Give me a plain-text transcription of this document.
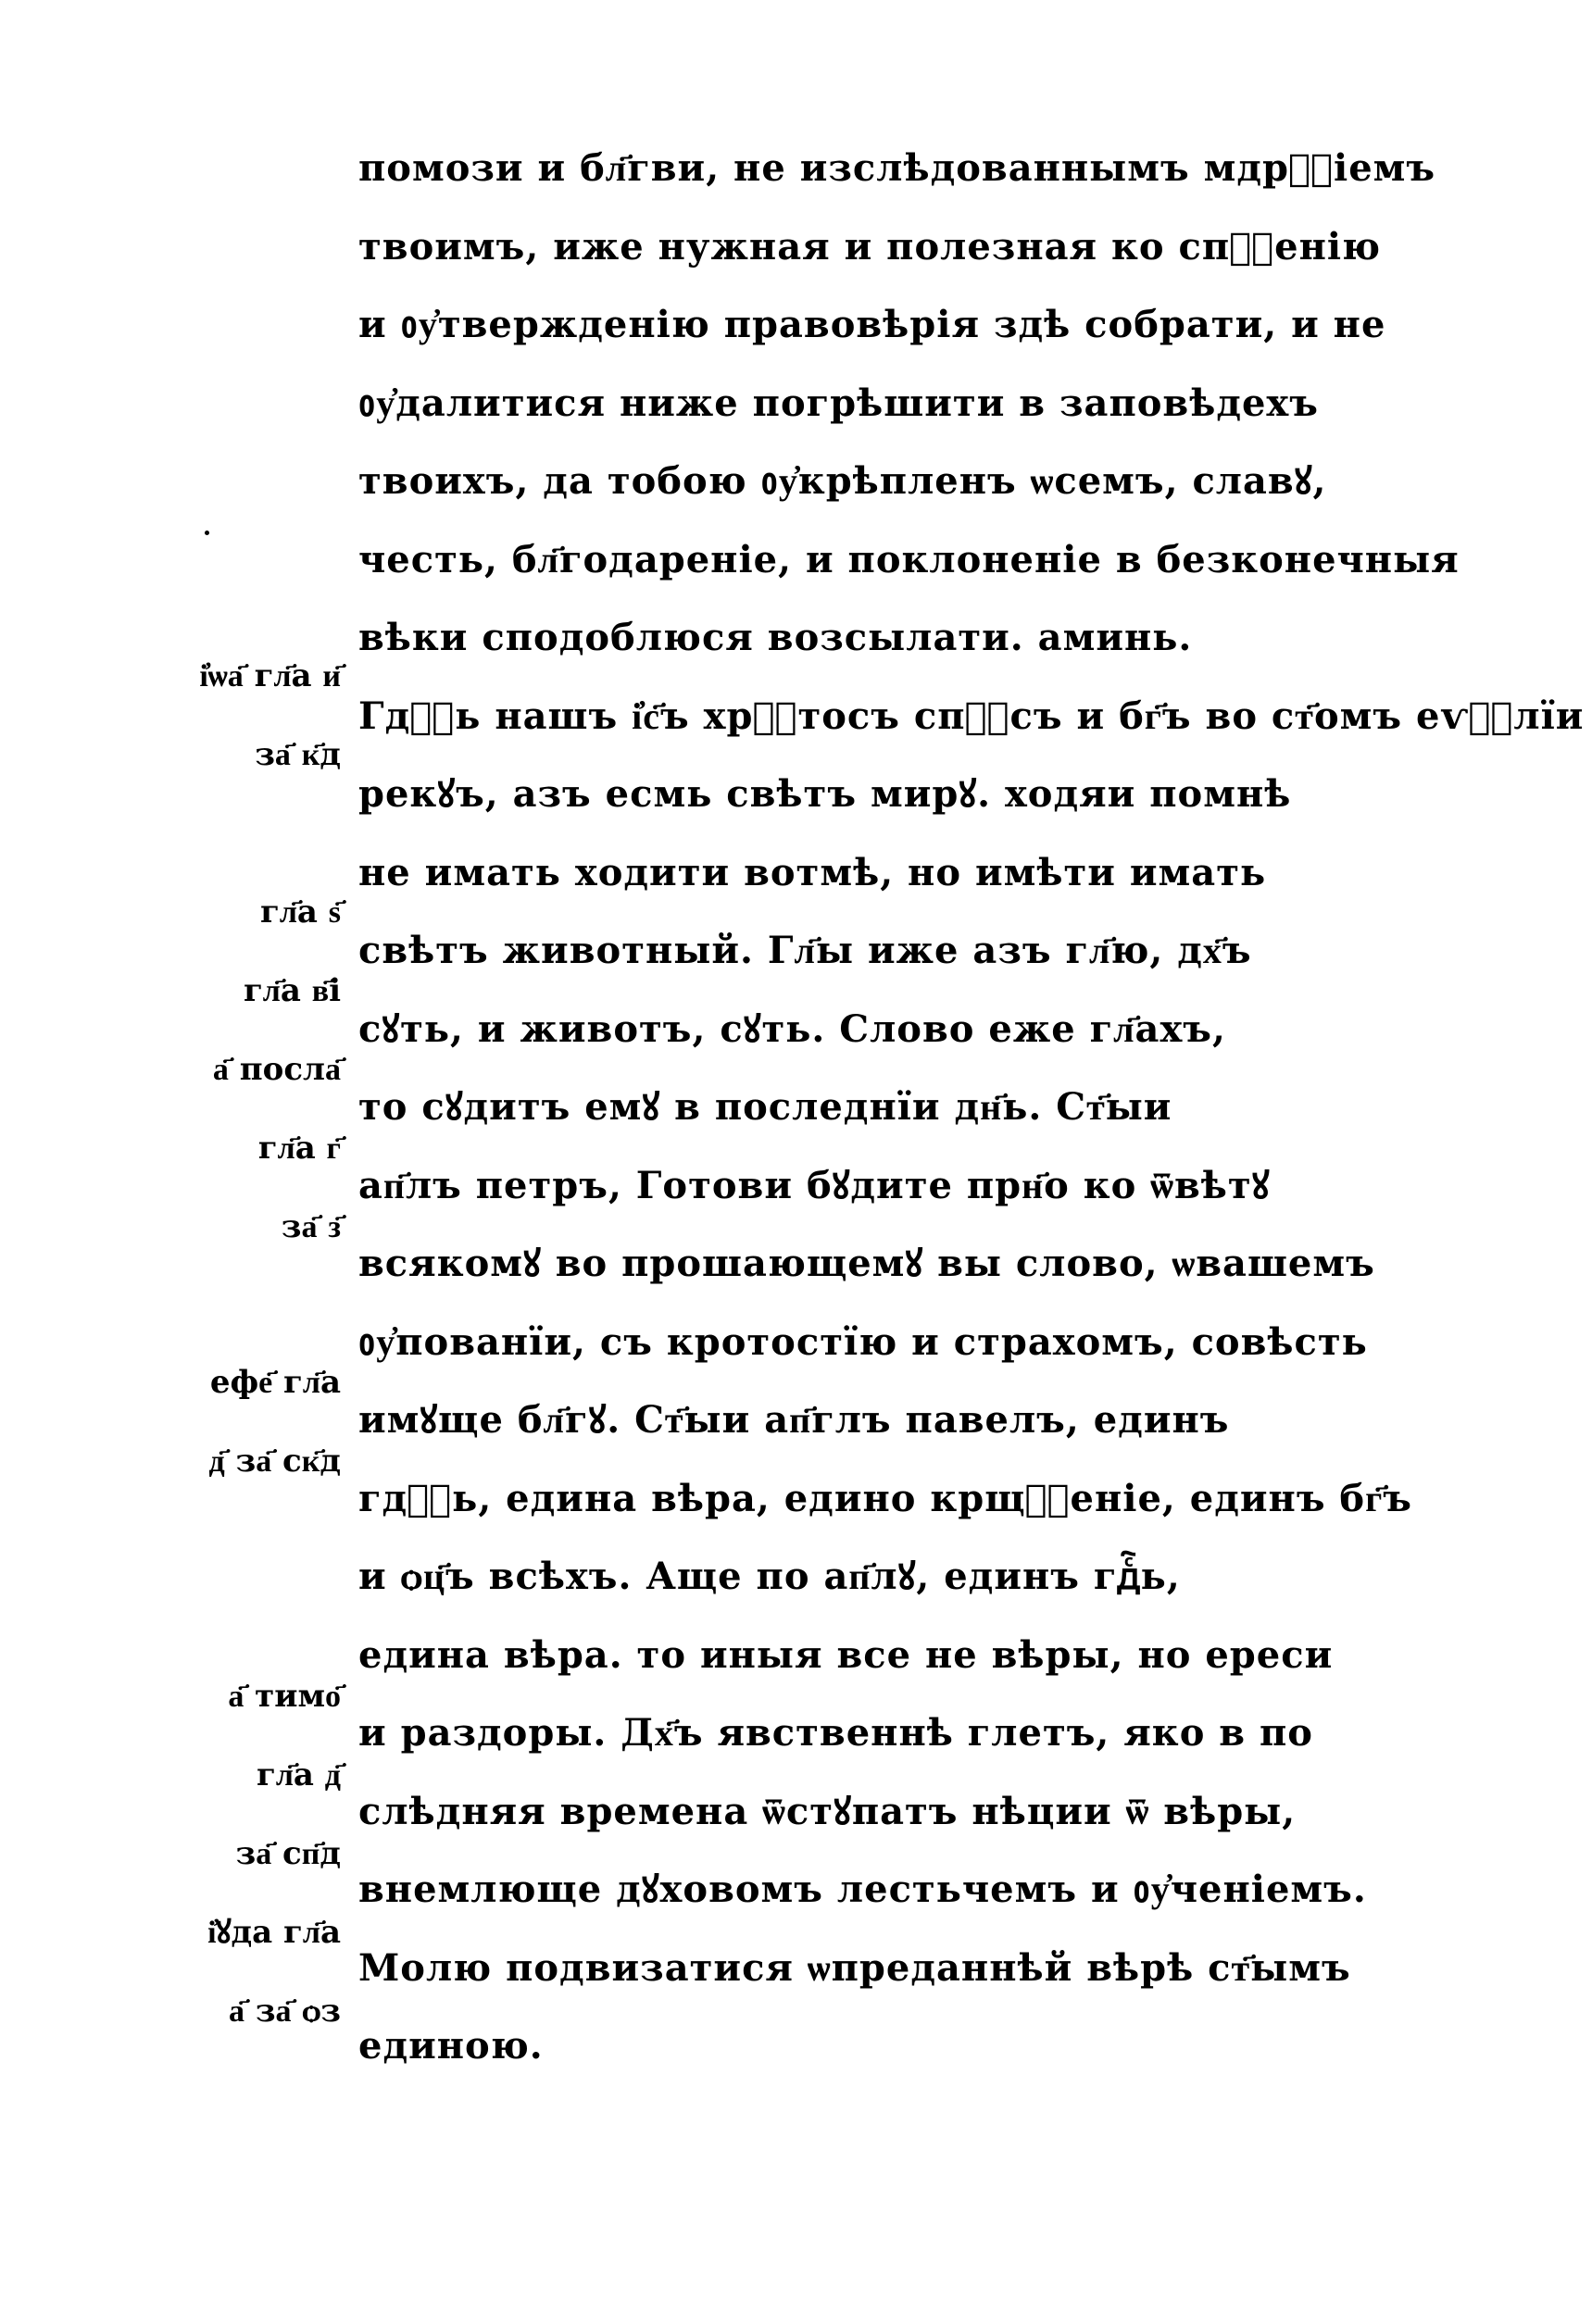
помози и бл҃гви, не изслѣдованнымъ мдрⷭ҇іемъ
твоимъ, иже нужная и полезная ко спⷭ҇енію
и ᲂу҆твержденію правовѣрія здѣ собрати, и не
ᲂу҆далитися ниже погрѣшити в заповѣдехъ
твоихъ, да тобою ᲂу҆крѣпленъ ѡсемъ, славꙋ,
честь, бл҃годареніе, и поклоненіе в безконечныя
вѣки сподоблюся возсылати. аминь.
Гдⷭ҇ь нашъ і҆с҃ъ хрⷭ҇тосъ спⷭ҇съ и бг҃ъ во ст҃омъ еѵⷢ҇лїи
рекꙋъ, азъ есмь свѣтъ мирꙋ. ходяи помнѣ
не имать ходити вотмѣ, но имѣти имать
свѣтъ животный. Гл҃ы иже азъ гл҃ю, дх҃ъ
сꙋть, и животъ, сꙋть. Слово еже гл҃ахъ,
то сꙋдитъ емꙋ в последнїи дн҃ь. Ст҃ыи
ап҃лъ петръ, Готови бꙋдите прн҃о ко ѿвѣтꙋ
всякомꙋ во прошающемꙋ вы слово, ѡвашемъ
ᲂу҆пованїи, съ кротостїю и страхомъ, совѣсть
имꙋще бл҃гꙋ. Ст҃ыи ап҃глъ павелъ, единъ
гдⷭ҇ь, едина вѣра, едино крщⷭ҇еніе, единъ бг҃ъ
и ѻц҃ъ всѣхъ. Аще по ап҃лꙋ, единъ гдⷭ҇ь,
едина вѣра. то иныя все не вѣры, но ереси
и раздоры. Дх҃ъ явственнѣ глетъ, яко в по
слѣдняя времена ѿстꙋпатъ нѣции ѿ вѣры,
внемлюще дꙋховомъ лестьчемъ и ᲂу҆ченіемъ.
Молю подвизатися ѡпреданнѣй вѣрѣ ст҃ымъ
единою.
і҆ѡа҃ гл҃а и҃
за҃ к҃д
гл҃а ѕ҃
гл҃а в҃і
а҃ посла҃
гл҃а г҃
за҃ з҃
ефе҃ гл҃а
д҃ за҃ ск҃д
а҃ тимо҃
гл҃а д҃
за҃ сп҃д
і҆ꙋда гл҃а
а҃ за҃ ѻз
